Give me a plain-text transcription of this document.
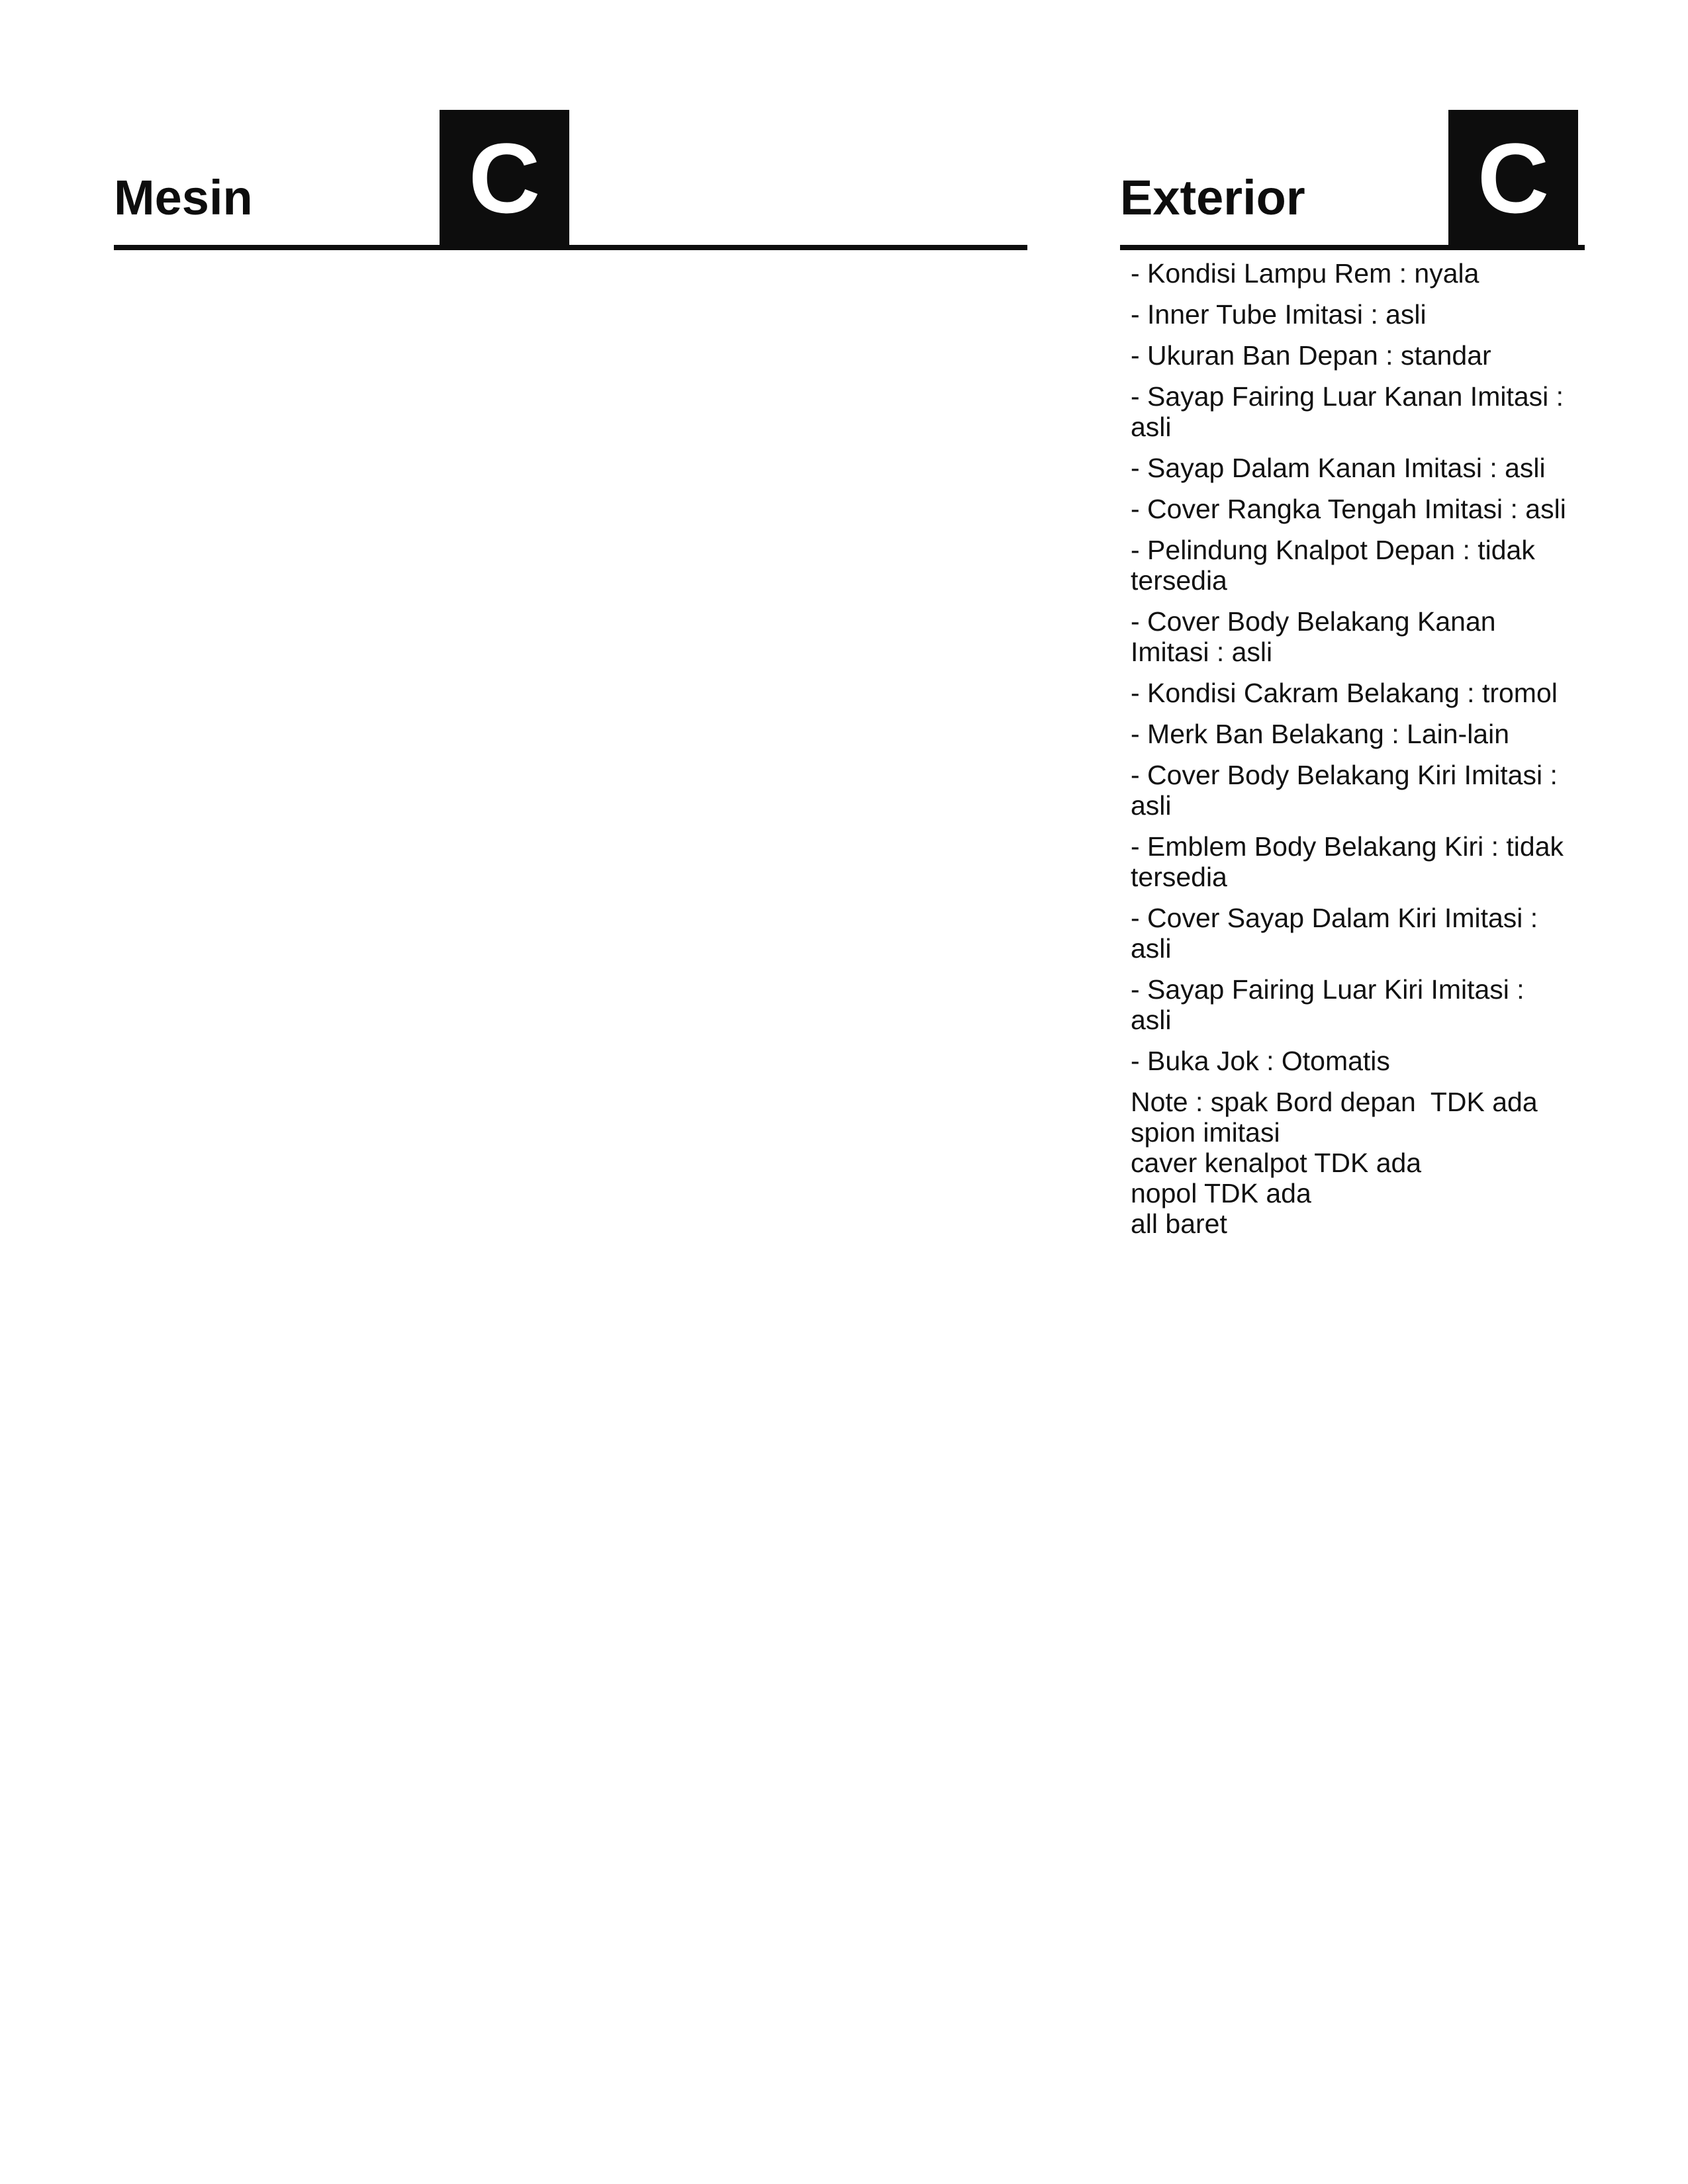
Mesin C	Exterior C
- Kondisi Lampu Rem : nyala
- Inner Tube Imitasi : asli
- Ukuran Ban Depan : standar
- Sayap Fairing Luar Kanan Imitasi : asli
- Sayap Dalam Kanan Imitasi : asli
- Cover Rangka Tengah Imitasi : asli
- Pelindung Knalpot Depan : tidak tersedia
- Cover Body Belakang Kanan Imitasi : asli
- Kondisi Cakram Belakang : tromol
- Merk Ban Belakang : Lain-lain
- Cover Body Belakang Kiri Imitasi : asli
- Emblem Body Belakang Kiri : tidak tersedia
- Cover Sayap Dalam Kiri Imitasi : asli
- Sayap Fairing Luar Kiri Imitasi : asli
- Buka Jok : Otomatis
Note : spak Bord depan  TDK ada
spion imitasi
caver kenalpot TDK ada
nopol TDK ada
all baret
